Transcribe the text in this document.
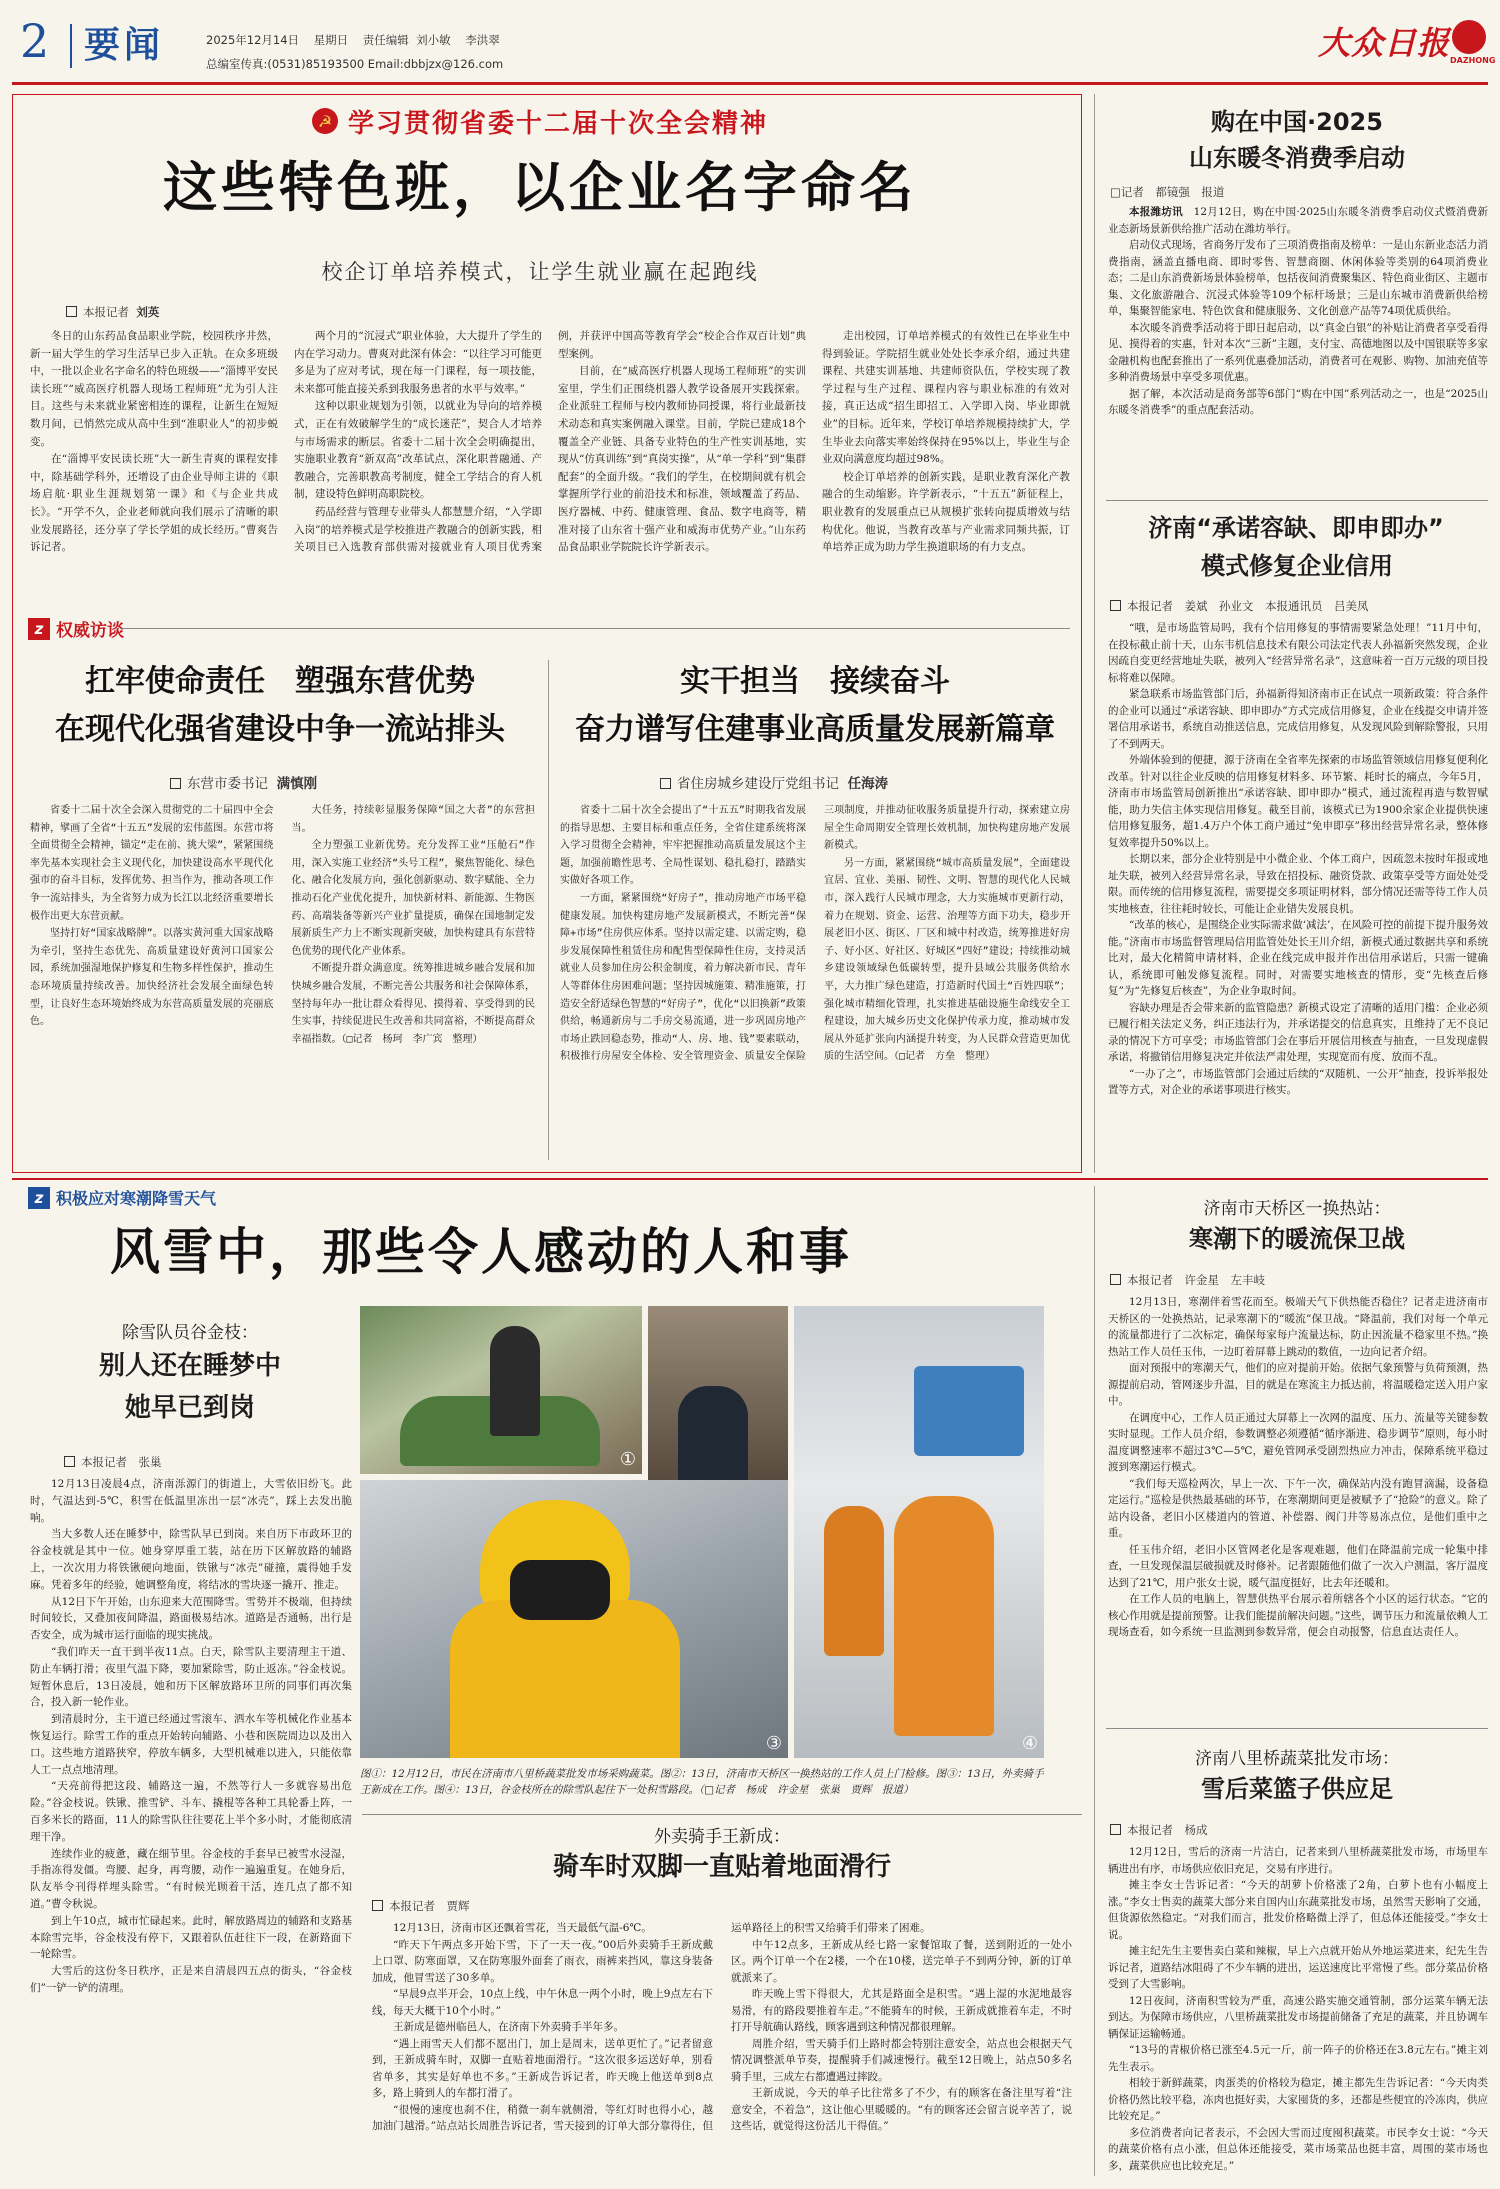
2 要闻	2025年12月14日 星期日 责任编辑 刘小敏 李洪翠
总编室传真:(0531)85193500 Email:dbbjzx@126.com
大众日报 DAZHONG
☭ 学习贯彻省委十二届十次全会精神
这些特色班，以企业名字命名
校企订单培养模式，让学生就业赢在起跑线
本报记者 刘英

冬日的山东药品食品职业学院，校园秩序井然，新一届大学生的学习生活早已步入正轨。在众多班级中，一批以企业名字命名的特色班级——“淄博平安民读长班”“威高医疗机器人现场工程师班”尤为引人注目。这些与未来就业紧密相连的课程，让新生在短短数月间，已悄然完成从高中生到“准职业人”的初步蜕变。

在“淄博平安民读长班”大一新生青爽的课程安排中，除基础学科外，还增设了由企业导师主讲的《职场启航·职业生涯规划第一课》和《与企业共成长》。“开学不久，企业老师就向我们展示了清晰的职业发展路径，还分享了学长学姐的成长经历。”曹爽告诉记者。

两个月的“沉浸式”职业体验，大大提升了学生的内在学习动力。曹爽对此深有体会：“以往学习可能更多是为了应对考试，现在每一门课程，每一项技能，未来都可能直接关系到我服务患者的水平与效率。”

这种以职业规划为引领，以就业为导向的培养模式，正在有效破解学生的“成长迷茫”，契合人才培养与市场需求的断层。省委十二届十次全会明确提出，实施职业教育“新双高”改革试点，深化职普融通、产教融合，完善职教高考制度，健全工学结合的育人机制，建设特色鲜明高职院校。

药品经营与管理专业带头人都慧慧介绍，“入学即入岗”的培养模式是学校推进产教融合的创新实践，相关项目已入选教育部供需对接就业育人项目优秀案例，并获评中国高等教育学会“校企合作双百计划”典型案例。

目前，在“威高医疗机器人现场工程师班”的实训室里，学生们正围绕机器人教学设备展开实践探索。企业派驻工程师与校内教师协同授课，将行业最新技术动态和真实案例融入课堂。目前，学院已建成18个覆盖全产业链、具备专业特色的生产性实训基地，实现从“仿真训练”到“真岗实操”，从“单一学科”到“集群配套”的全面升级。“我们的学生，在校期间就有机会掌握所学行业的前沿技术和标准，领域覆盖了药品、医疗器械、中药、健康管理、食品、数字电商等，精准对接了山东省十强产业和威海市优势产业。”山东药品食品职业学院院长许学新表示。

走出校园，订单培养模式的有效性已在毕业生中得到验证。学院招生就业处处长李承介绍，通过共建课程、共建实训基地、共建师资队伍，学校实现了教学过程与生产过程、课程内容与职业标准的有效对接，真正达成“招生即招工、入学即入岗、毕业即就业”的目标。近年来，学校订单培养规模持续扩大，学生毕业去向落实率始终保持在95%以上，毕业生与企业双向满意度均超过98%。

校企订单培养的创新实践，是职业教育深化产教融合的生动缩影。许学新表示，“十五五”新征程上，职业教育的发展重点已从规模扩张转向提质增效与结构优化。他说，当教育改革与产业需求同频共振，订单培养正成为助力学生换道职场的有力支点。

z 权威访谈
扛牢使命责任　塑强东营优势
在现代化强省建设中争一流站排头
东营市委书记 满慎刚

省委十二届十次全会深入贯彻党的二十届四中全会精神，擘画了全省“十五五”发展的宏伟蓝图。东营市将全面贯彻全会精神，锚定“走在前、挑大梁”，紧紧围绕率先基本实现社会主义现代化，加快建设高水平现代化强市的奋斗目标，发挥优势、担当作为，推动各项工作争一流站排头，为全省努力成为长江以北经济重要增长极作出更大东营贡献。

坚持打好“国家战略牌”。以落实黄河重大国家战略为牵引，坚持生态优先、高质量建设好黄河口国家公园，系统加强湿地保护修复和生物多样性保护，推动生态环境质量持续改善。加快经济社会发展全面绿色转型，让良好生态环境始终成为东营高质量发展的亮丽底色。

大任务，持续彰显服务保障“国之大者”的东营担当。

全力塑强工业新优势。充分发挥工业“压舱石”作用，深入实施工业经济“头号工程”，聚焦智能化、绿色化、融合化发展方向，强化创新驱动、数字赋能、全力推动石化产业优化提升，加快新材料、新能源、生物医药、高端装备等新兴产业扩量提质，确保在国地制定发展新质生产力上不断实现新突破，加快构建具有东营特色优势的现代化产业体系。

不断提升群众满意度。统筹推进城乡融合发展和加快城乡融合发展，不断完善公共服务和社会保障体系，坚持每年办一批让群众看得见、摸得着、享受得到的民生实事，持续促进民生改善和共同富裕，不断提高群众幸福指数。（□记者　杨珂　李广宾　整理）

实干担当　接续奋斗
奋力谱写住建事业高质量发展新篇章
省住房城乡建设厅党组书记 任海涛

省委十二届十次全会提出了“十五五”时期我省发展的指导思想、主要目标和重点任务，全省住建系统将深入学习贯彻全会精神，牢牢把握推动高质量发展这个主题，加强前瞻性思考、全局性谋划、稳扎稳打，踏踏实实做好各项工作。

一方面，紧紧围绕“好房子”，推动房地产市场平稳健康发展。加快构建房地产发展新模式，不断完善“保障+市场”住房供应体系。坚持以需定建、以需定购，稳步发展保障性租赁住房和配售型保障性住房，支持灵活就业人员参加住房公积金制度，着力解决新市民、青年人等群体住房困难问题；坚持因城施策、精准施策，打造安全舒适绿色智慧的“好房子”，优化“以旧换新”政策供给，畅通新房与二手房交易流通，进一步巩固房地产市场止跌回稳态势，推动“人、房、地、钱”要素联动，积极推行房屋安全体检、安全管理资金、质量安全保险三项制度，并推动征收服务质量提升行动，探索建立房屋全生命周期安全管理长效机制，加快构建房地产发展新模式。

另一方面，紧紧围绕“城市高质量发展”，全面建设宜居、宜业、美丽、韧性、文明、智慧的现代化人民城市，深入践行人民城市理念，大力实施城市更新行动，着力在规划、资金、运营、治理等方面下功夫，稳步开展老旧小区、街区、厂区和城中村改造，统筹推进好房子、好小区、好社区、好城区“四好”建设；持续推动城乡建设领域绿色低碳转型，提升县域公共服务供给水平，大力推广绿色建造，打造新时代国土“百姓四联”；强化城市精细化管理，扎实推进基础设施生命线安全工程建设，加大城乡历史文化保护传承力度，推动城市发展从外延扩张向内涵提升转变，为人民群众营造更加优质的生活空间。（□记者　方垒　整理）

购在中国·2025
山东暖冬消费季启动
□记者　都镜强　报道

本报潍坊讯　 12月12日，购在中国·2025山东暖冬消费季启动仪式暨消费新业态新场景新供给推广活动在潍坊举行。

启动仪式现场，省商务厅发布了三项消费指南及榜单：一是山东新业态活力消费指南，涵盖直播电商、即时零售、智慧商圈、休闲体验等类别的64项消费业态；二是山东消费新场景体验榜单，包括夜间消费聚集区、特色商业街区、主题市集、文化旅游融合、沉浸式体验等109个标杆场景；三是山东城市消费新供给榜单，集聚智能家电、特色饮食和健康服务、文化创意产品等74项优质供给。

本次暖冬消费季活动将于即日起启动，以“真金白银”的补贴让消费者享受看得见、摸得着的实惠，针对本次“三新”主题，支付宝、高德地图以及中国银联等多家金融机构也配套推出了一系列优惠叠加活动，消费者可在观影、购物、加油充值等多种消费场景中享受多项优惠。

据了解，本次活动是商务部等6部门“购在中国”系列活动之一，也是“2025山东暖冬消费季”的重点配套活动。

济南“承诺容缺、即申即办”
模式修复企业信用
本报记者　姜斌　孙业文　本报通讯员　吕美凤

“哦，是市场监管局吗，我有个信用修复的事情需要紧急处理！”11月中旬，在投标截止前十天，山东韦机信息技术有限公司法定代表人孙福新突然发现，企业因疏自变更经营地址失联，被列入“经营异常名录”，这意味着一百万元级的项目投标将难以保障。

紧急联系市场监管部门后，孙福新得知济南市正在试点一项新政策：符合条件的企业可以通过“承诺容缺、即申即办”方式完成信用修复，企业在线提交申请并签署信用承诺书，系统自动推送信息，完成信用修复，从发现风险到解除警报，只用了不到两天。

外端体验到的便捷，源于济南在全省率先探索的市场监管领域信用修复便利化改革。针对以往企业反映的信用修复材料多、环节繁、耗时长的痛点，今年5月，济南市市场监管局创新推出“承诺容缺、即申即办”模式，通过流程再造与数智赋能，助力失信主体实现信用修复。截至目前，该模式已为1900余家企业提供快速信用修复服务，超1.4万户个体工商户通过“免申即享”移出经营异常名录，整体修复效率提升50%以上。

长期以来，部分企业特别是中小微企业、个体工商户，因疏忽未按时年报或地址失联，被列入经营异常名录，导致在招投标、融资贷款、政策享受等方面处处受限。而传统的信用修复流程，需要提交多项证明材料，部分情况还需等待工作人员实地核查，往往耗时较长，可能让企业错失发展良机。

“改革的核心，是围绕企业实际需求做‘减法’，在风险可控的前提下提升服务效能。”济南市市场监督管理局信用监管处处长王川介绍，新模式通过数据共享和系统比对，最大化精简申请材料，企业在线完成申报并作出信用承诺后，只需一键确认，系统即可触发修复流程。同时，对需要实地核查的情形，变“先核查后修复”为“先修复后核查”，为企业争取时间。

容缺办理是否会带来新的监管隐患？新模式设定了清晰的适用门槛：企业必须已履行相关法定义务，纠正违法行为，并承诺提交的信息真实，且维持了无不良记录的情况下方可享受；市场监管部门会在事后开展信用核查与抽查，一旦发现虚假承诺，将撤销信用修复决定并依法严肃处理，实现宽而有度、放而不乱。

“一办了之”，市场监管部门会通过后续的“双随机、一公开”抽查，投诉举报处置等方式，对企业的承诺事项进行核实。

z 积极应对寒潮降雪天气
风雪中，那些令人感动的人和事
除雪队员谷金枝：
别人还在睡梦中
她早已到岗
本报记者　张巢

12月13日凌晨4点，济南泺源门的街道上，大雪依旧纷飞。此时，气温达到-5℃，积雪在低温里冻出一层“冰壳”，踩上去发出脆响。

当大多数人还在睡梦中，除雪队早已到岗。来自历下市政环卫的谷金枝就是其中一位。她身穿厚重工装，站在历下区解放路的辅路上，一次次用力将铁锹硬向地面，铁锹与“冰壳”碰撞，震得她手发麻。凭着多年的经验，她调整角度，将结冰的雪块逐一撬开、推走。

从12日下午开始，山东迎来大范围降雪。雪势并不极端，但持续时间较长，又叠加夜间降温，路面极易结冰。道路是否通畅，出行是否安全，成为城市运行面临的现实挑战。

“我们昨天一直干到半夜11点。白天，除雪队主要清理主干道、防止车辆打滑；夜里气温下降，要加紧除雪，防止返冻。”谷金枝说。短暂休息后，13日凌晨，她和历下区解放路环卫所的同事们再次集合，投入新一轮作业。

到清晨时分，主干道已经通过雪滚车、洒水车等机械化作业基本恢复运行。除雪工作的重点开始转向辅路、小巷和医院周边以及出入口。这些地方道路狭窄，停放车辆多，大型机械难以进入，只能依靠人工一点点地清理。

“天亮前得把这段、辅路这一遍，不然等行人一多就容易出危险。”谷金枝说。铁锹、推雪铲、斗车、撬棍等各种工具轮番上阵，一百多米长的路面，11人的除雪队往往要花上半个多小时，才能彻底清理干净。

连续作业的疲惫，藏在细节里。谷金枝的手套早已被雪水浸湿，手指冻得发僵。弯腰、起身，再弯腰，动作一遍遍重复。在她身后，队友举令刊得样埋头除雪。“有时候光顾着干活，连几点了都不知道。”曹令秋说。

到上午10点，城市忙碌起来。此时，解放路周边的辅路和支路基本除雪完毕，谷金枝没有停下，又跟着队伍赶往下一段，在新路面下一轮除雪。

大雪后的这份冬日秩序，正是来自清晨四五点的街头，“谷金枝们”一铲一铲的清理。

①
④
③
图①：12月12日，市民在济南市八里桥蔬菜批发市场采购蔬菜。图②：13日，济南市天桥区一换热站的工作人员上门检修。图③：13日，外卖骑手王新成在工作。图④：13日，谷金枝所在的除雪队起往下一处积雪路段。（□记者　杨成　许金星　张巢　贾辉　报道）
外卖骑手王新成：
骑车时双脚一直贴着地面滑行
本报记者　贾辉

12月13日，济南市区还飘着雪花，当天最低气温-6℃。

“昨天下午两点多开始下雪，下了一天一夜。”00后外卖骑手王新成戴上口罩、防寒面罩，又在防寒服外面套了雨衣，雨裤来挡风，靠这身装备加成，他冒雪送了30多单。

“早晨9点半开会，10点上线，中午休息一两个小时，晚上9点左右下线，每天大概干10个小时。”

王新成是德州临邑人，在济南下外卖骑手半年多。

“遇上雨雪天人们都不愿出门，加上是周末，送单更忙了。”记者留意到，王新成骑车时，双脚一直贴着地面滑行。“这次很多运送好单，别看省单多，其实是好单也不多。”王新成告诉记者，昨天晚上他送单到8点多，路上骑到人的车都打滑了。

“很慢的速度也刹不住，稍微一刹车就侧滑，等红灯时也得小心，越加油门越滑。”站点站长周胜告诉记者，雪天接到的订单大部分靠得住，但运单路径上的积雪又给骑手们带来了困难。

中午12点多，王新成从经七路一家餐馆取了餐，送到附近的一处小区。两个订单一个在2楼，一个在10楼，送完单子不到两分钟，新的订单就派来了。

昨天晚上雪下得很大，尤其是路面全是积雪。“遇上湿的水泥地最容易滑，有的路段要推着车走。”不能骑车的时候，王新成就推着车走，不时打开导航确认路线，顾客遇到这种情况都很理解。

周胜介绍，雪天骑手们上路时都会特别注意安全，站点也会根据天气情况调整派单节奏，提醒骑手们减速慢行。截至12日晚上，站点50多名骑手里，三成左右都遭遇过摔跤。

王新成说，今天的单子比往常多了不少，有的顾客在备注里写着“注意安全，不着急”，这让他心里暖暖的。“有的顾客还会留言说辛苦了，说这些话，就觉得这份活儿干得值。”

济南市天桥区一换热站：
寒潮下的暖流保卫战
本报记者　许金星　左丰岐

12月13日，寒潮伴着雪花而至。极端天气下供热能否稳住？记者走进济南市天桥区的一处换热站，记录寒潮下的“暖流”保卫战。“降温前，我们对每一个单元的流量都进行了二次标定，确保每家每户流量达标，防止因流量不稳家里不热。”换热站工作人员任玉伟，一边盯着屏幕上跳动的数值，一边向记者介绍。

面对预报中的寒潮天气，他们的应对提前开始。依据气象预警与负荷预测，热源提前启动，管网逐步升温，目的就是在寒流主力抵达前，将温暖稳定送入用户家中。

在调度中心，工作人员正通过大屏幕上一次网的温度、压力、流量等关键参数实时显现。工作人员介绍，参数调整必须遵循“循序渐进、稳步调节”原则，每小时温度调整速率不超过3℃—5℃，避免管网承受剧烈热应力冲击，保障系统平稳过渡到寒潮运行模式。

“我们每天巡检两次，早上一次、下午一次，确保站内没有跑冒滴漏，设备稳定运行。”巡检是供热最基础的环节，在寒潮期间更是被赋予了“抢险”的意义。除了站内设备，老旧小区楼道内的管道、补偿器、阀门井等易冻点位，是他们重中之重。

任玉伟介绍，老旧小区管网老化是客观难题，他们在降温前完成一轮集中排查，一旦发现保温层破损就及时修补。记者跟随他们做了一次入户测温，客厅温度达到了21℃，用户张女士说，暖气温度挺好，比去年还暖和。

在工作人员的电脑上，智慧供热平台展示着所辖各个小区的运行状态。“它的核心作用就是提前预警。让我们能提前解决问题。”这些，调节压力和流量依赖人工现场查看，如今系统一旦监测到参数异常，便会自动报警，信息直达责任人。

济南八里桥蔬菜批发市场：
雪后菜篮子供应足
本报记者　杨成

12月12日，雪后的济南一片洁白，记者来到八里桥蔬菜批发市场，市场里车辆进出有序，市场供应依旧充足，交易有序进行。

摊主李女士告诉记者：“今天的胡萝卜价格涨了2角，白萝卜也有小幅度上涨。”李女士售卖的蔬菜大部分来自国内山东蔬菜批发市场，虽然雪天影响了交通，但货源依然稳定。“对我们而言，批发价格略微上浮了，但总体还能接受。”李女士说。

摊主纪先生主要售卖白菜和辣椒，早上六点就开始从外地运菜进来，纪先生告诉记者，道路结冰阻碍了不少车辆的进出，运送速度比平常慢了些。部分菜品价格受到了大雪影响。

12日夜间，济南积雪较为严重，高速公路实施交通管制，部分运菜车辆无法到达。为保障市场供应，八里桥蔬菜批发市场提前储备了充足的蔬菜，并且协调车辆保证运输畅通。

“13号的青椒价格已涨至4.5元一斤，前一阵子的价格还在3.8元左右。”摊主刘先生表示。

相较于新鲜蔬菜，肉蛋类的价格较为稳定，摊主都先生告诉记者：“今天肉类价格仍然比较平稳，冻肉也挺好卖，大家囤货的多，还都是些便宜的冷冻肉，供应比较充足。”

多位消费者向记者表示，不会因大雪而过度囤积蔬菜。市民李女士说：“今天的蔬菜价格有点小涨，但总体还能接受，菜市场菜品也挺丰富，周围的菜市场也多，蔬菜供应也比较充足。”
